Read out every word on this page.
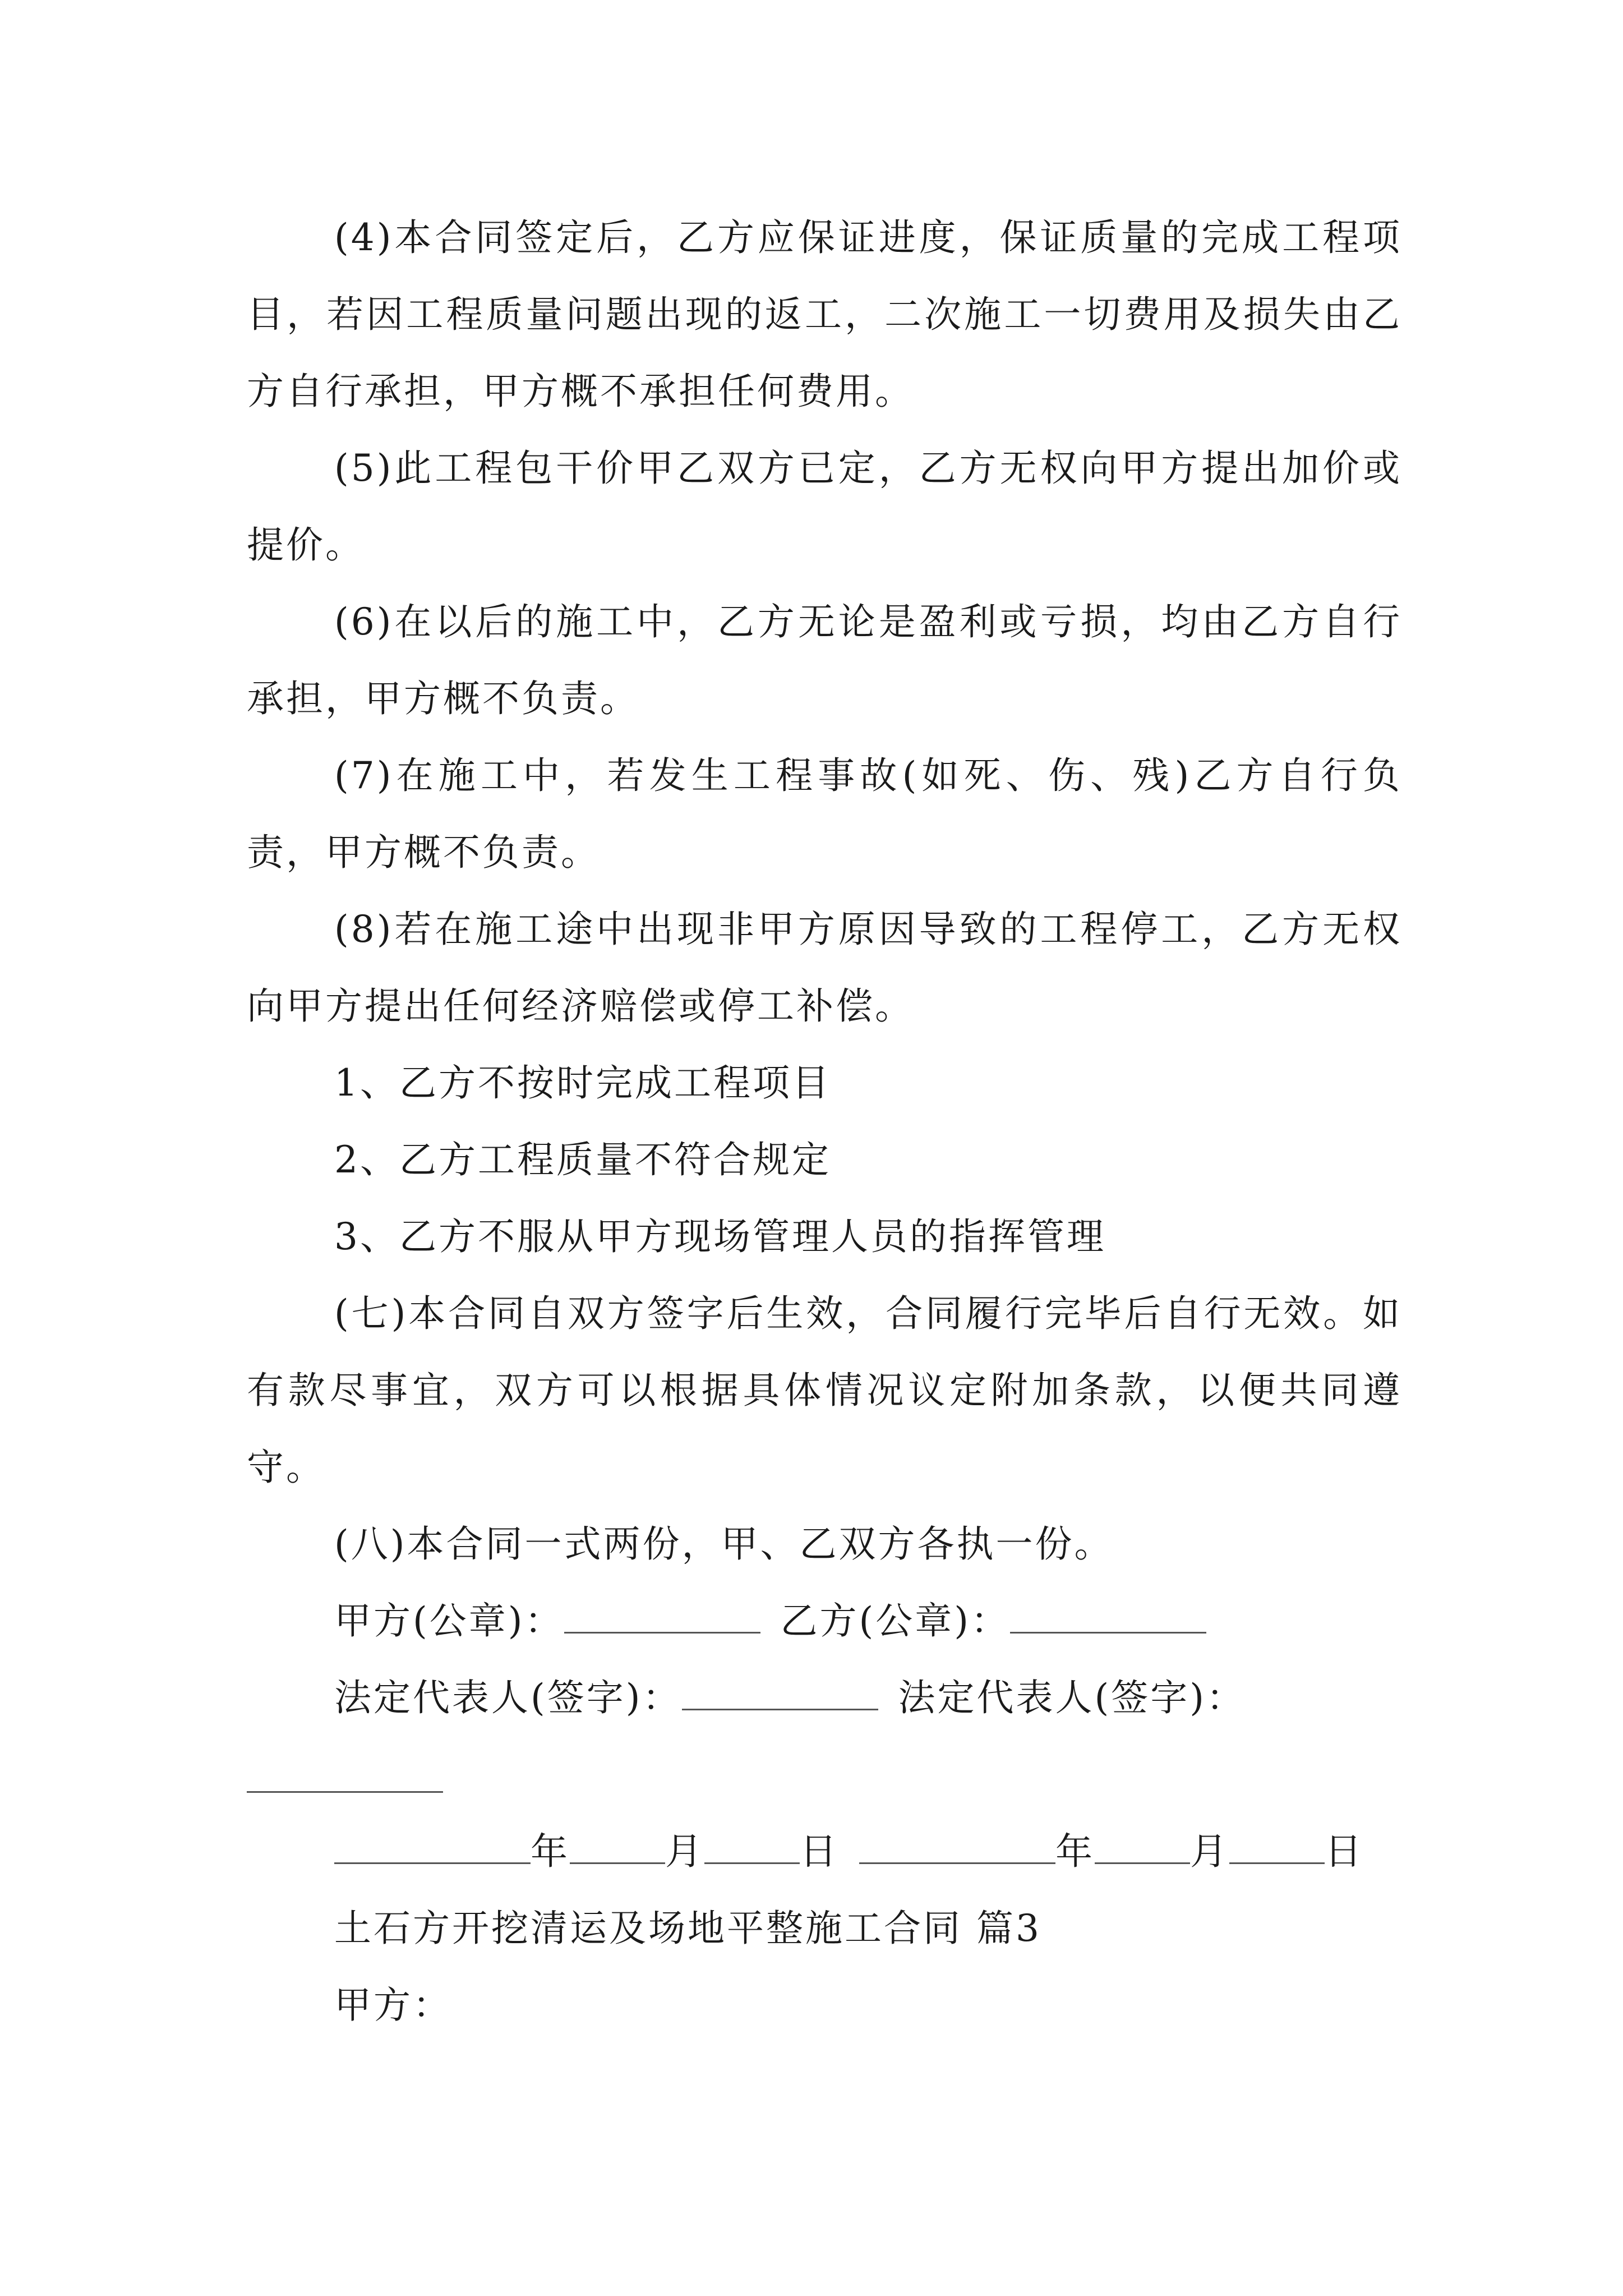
(4)本合同签定后，乙方应保证进度，保证质量的完成工程项目，若因工程质量问题出现的返工，二次施工一切费用及损失由乙方自行承担，甲方概不承担任何费用。

(5)此工程包干价甲乙双方已定，乙方无权向甲方提出加价或提价。

(6)在以后的施工中，乙方无论是盈利或亏损，均由乙方自行承担，甲方概不负责。

(7)在施工中，若发生工程事故(如死、伤、残)乙方自行负责，甲方概不负责。

(8)若在施工途中出现非甲方原因导致的工程停工，乙方无权向甲方提出任何经济赔偿或停工补偿。

1、乙方不按时完成工程项目

2、乙方工程质量不符合规定

3、乙方不服从甲方现场管理人员的指挥管理

(七)本合同自双方签字后生效，合同履行完毕后自行无效。如有款尽事宜，双方可以根据具体情况议定附加条款，以便共同遵守。

(八)本合同一式两份，甲、乙双方各执一份。

甲方(公章)：	乙方(公章)：

法定代表人(签字)：	法定代表人(签字)：

年	月	日	年	月	日

土石方开挖清运及场地平整施工合同 篇3

甲方：
